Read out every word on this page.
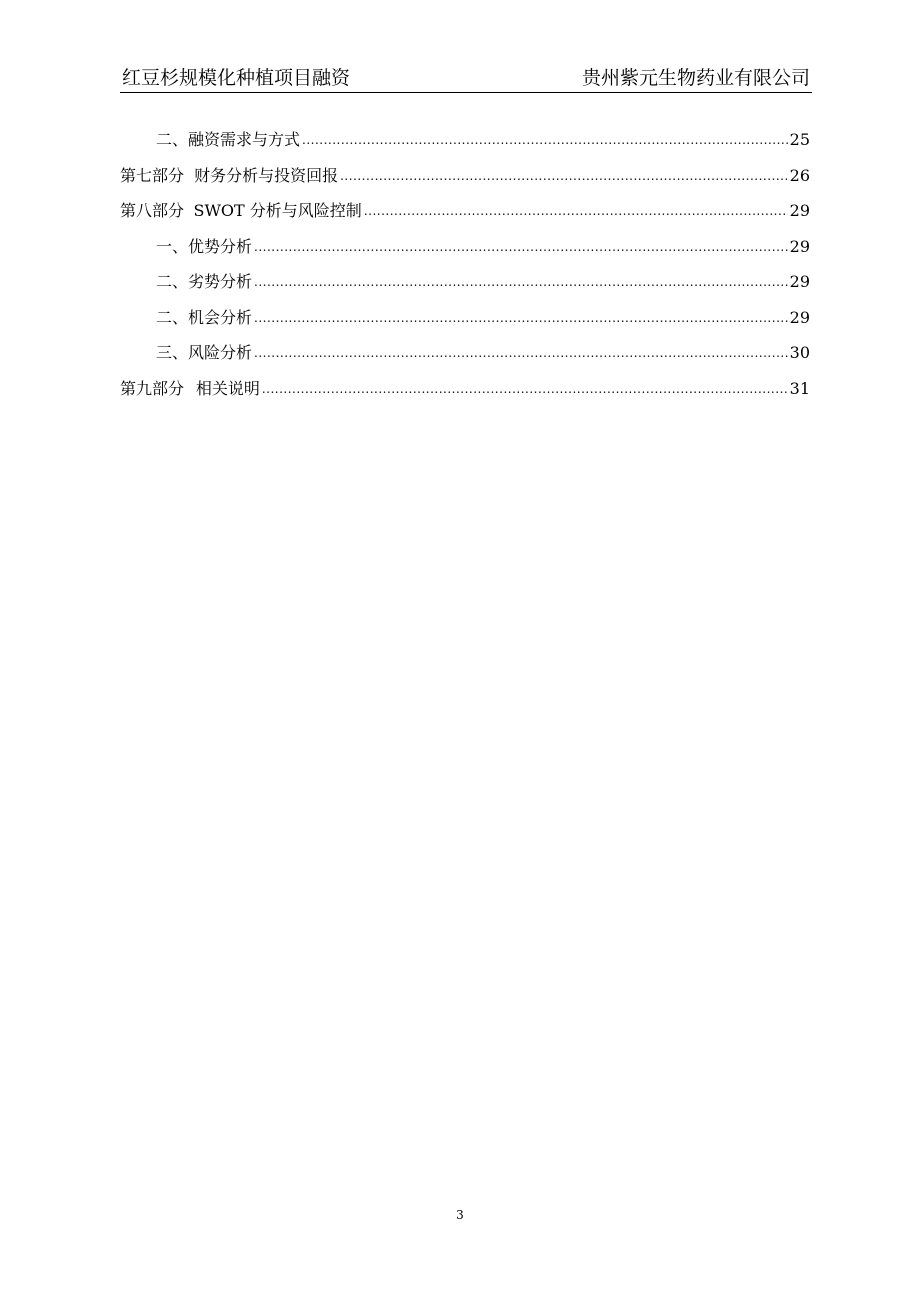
红豆杉规模化种植项目融资	贵州紫元生物药业有限公司
二、融资需求与方式 .....	25
第七部分 财务分析与投资回报 .....	26
第八部分 SWOT 分析与风险控制 .....	29
一、优势分析 .....	29
二、劣势分析 .....	29
二、机会分析 .....	29
三、风险分析 .....	30
第九部分 相关说明 .....	31
3
